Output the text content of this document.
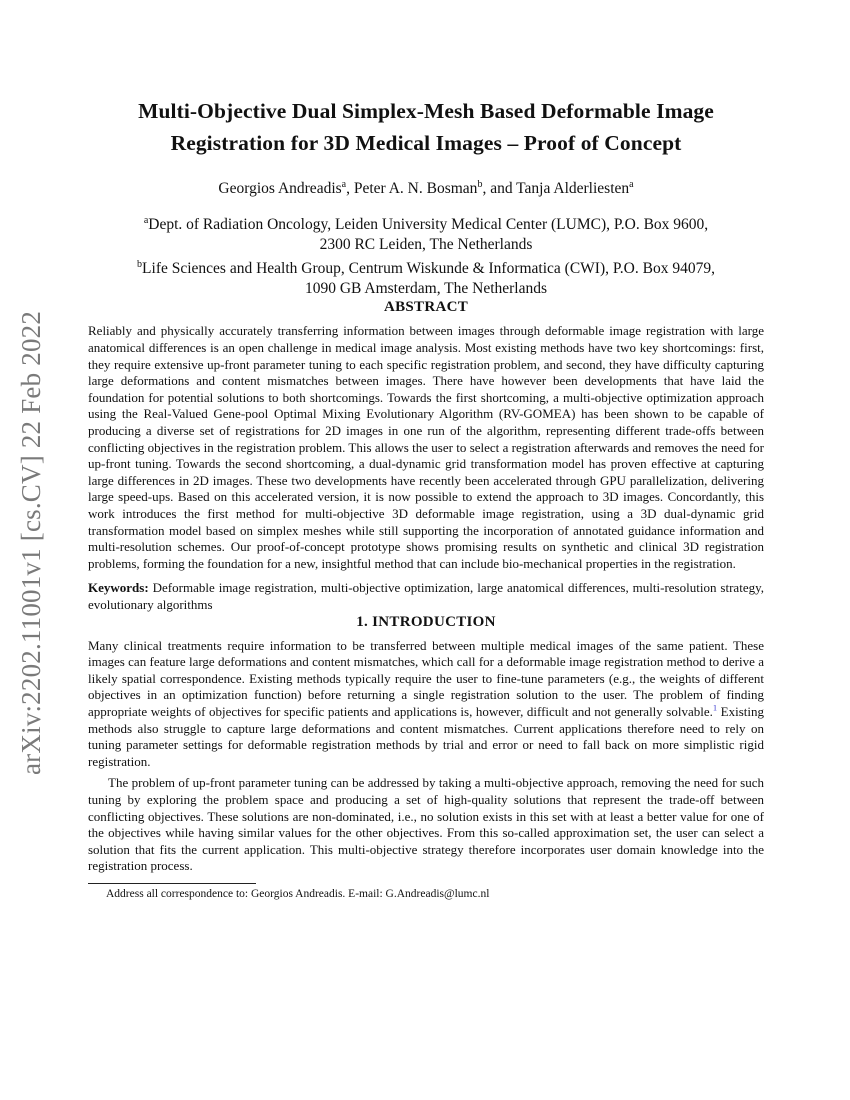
arXiv:2202.11001v1 [cs.CV] 22 Feb 2022
Multi-Objective Dual Simplex-Mesh Based Deformable Image
Registration for 3D Medical Images – Proof of Concept
Georgios Andreadis$^a$, Peter A. N. Bosman$^b$, and Tanja Alderliesten$^a$
$^a$Dept. of Radiation Oncology, Leiden University Medical Center (LUMC), P.O. Box 9600,
2300 RC Leiden, The Netherlands
$^b$Life Sciences and Health Group, Centrum Wiskunde & Informatica (CWI), P.O. Box 94079,
1090 GB Amsterdam, The Netherlands
ABSTRACT

Reliably and physically accurately transferring information between images through deformable image registration with large anatomical differences is an open challenge in medical image analysis. Most existing methods have two key shortcomings: first, they require extensive up-front parameter tuning to each specific registration problem, and second, they have difficulty capturing large deformations and content mismatches between images. There have however been developments that have laid the foundation for potential solutions to both shortcomings. Towards the first shortcoming, a multi-objective optimization approach using the Real-Valued Gene-pool Optimal Mixing Evolutionary Algorithm (RV-GOMEA) has been shown to be capable of producing a diverse set of registrations for 2D images in one run of the algorithm, representing different trade-offs between conflicting objectives in the registration problem. This allows the user to select a registration afterwards and removes the need for up-front tuning. Towards the second shortcoming, a dual-dynamic grid transformation model has proven effective at capturing large differences in 2D images. These two developments have recently been accelerated through GPU parallelization, delivering large speed-ups. Based on this accelerated version, it is now possible to extend the approach to 3D images. Concordantly, this work introduces the first method for multi-objective 3D deformable image registration, using a 3D dual-dynamic grid transformation model based on simplex meshes while still supporting the incorporation of annotated guidance information and multi-resolution schemes. Our proof-of-concept prototype shows promising results on synthetic and clinical 3D registration problems, forming the foundation for a new, insightful method that can include bio-mechanical properties in the registration.

Keywords: Deformable image registration, multi-objective optimization, large anatomical differences, multi-resolution strategy, evolutionary algorithms

1. INTRODUCTION

Many clinical treatments require information to be transferred between multiple medical images of the same patient. These images can feature large deformations and content mismatches, which call for a deformable image registration method to derive a likely spatial correspondence. Existing methods typically require the user to fine-tune parameters (e.g., the weights of different objectives in an optimization function) before returning a single registration solution to the user. The problem of finding appropriate weights of objectives for specific patients and applications is, however, difficult and not generally solvable.$^1$ Existing methods also struggle to capture large deformations and content mismatches. Current applications therefore need to rely on tuning parameter settings for deformable registration methods by trial and error or need to fall back on more simplistic rigid registration.

The problem of up-front parameter tuning can be addressed by taking a multi-objective approach, removing the need for such tuning by exploring the problem space and producing a set of high-quality solutions that represent the trade-off between conflicting objectives. These solutions are non-dominated, i.e., no solution exists in this set with at least a better value for one of the objectives while having similar values for the other objectives. From this so-called approximation set, the user can select a solution that fits the current application. This multi-objective strategy therefore incorporates user domain knowledge into the registration process.

Address all correspondence to: Georgios Andreadis. E-mail: G.Andreadis@lumc.nl
